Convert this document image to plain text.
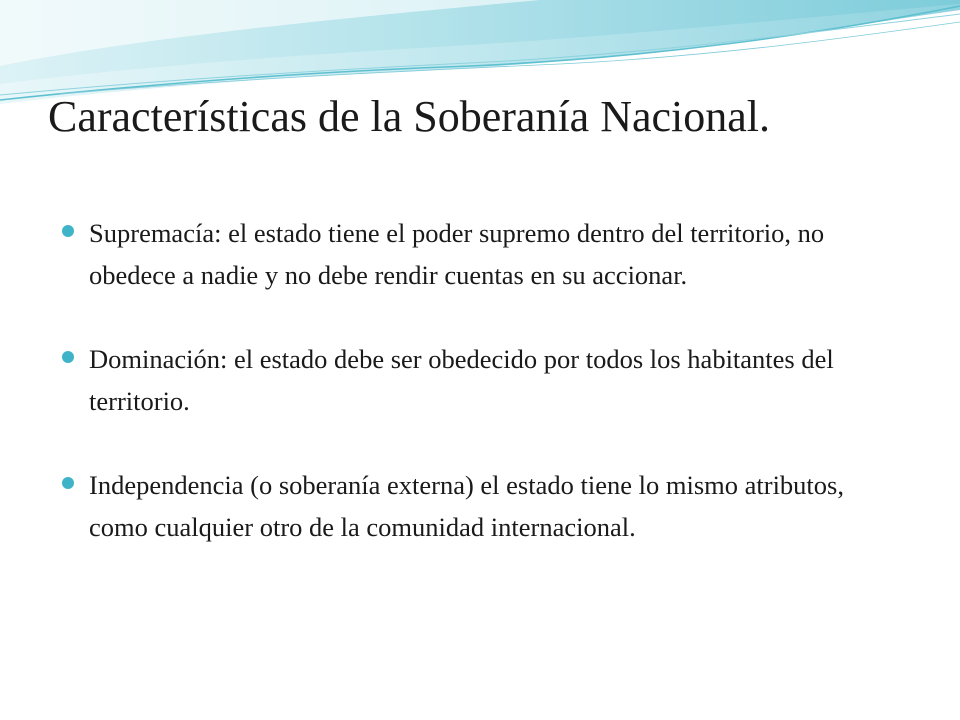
Características de la Soberanía Nacional.
Supremacía: el estado tiene el poder supremo dentro del territorio, no obedece a nadie y no debe rendir cuentas en su accionar.
Dominación: el estado debe ser obedecido por todos los habitantes del territorio.
Independencia (o soberanía externa) el estado tiene lo mismo atributos, como cualquier otro de la comunidad internacional.
